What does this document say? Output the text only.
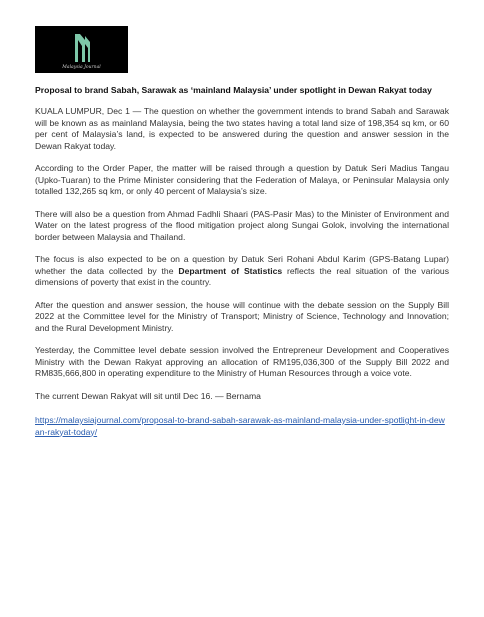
Malaysia Journal
Proposal to brand Sabah, Sarawak as ‘mainland Malaysia’ under spotlight in Dewan Rakyat today

KUALA LUMPUR, Dec 1 — The question on whether the government intends to brand Sabah and Sarawak will be known as as mainland Malaysia, being the two states having a total land size of 198,354 sq km, or 60 per cent of Malaysia’s land, is expected to be answered during the question and answer session in the Dewan Rakyat today.

According to the Order Paper, the matter will be raised through a question by Datuk Seri Madius Tangau (Upko-Tuaran) to the Prime Minister considering that the Federation of Malaya, or Peninsular Malaysia only totalled 132,265 sq km, or only 40 percent of Malaysia’s size.

There will also be a question from Ahmad Fadhli Shaari (PAS-Pasir Mas) to the Minister of Environment and Water on the latest progress of the flood mitigation project along Sungai Golok, involving the international border between Malaysia and Thailand.

The focus is also expected to be on a question by Datuk Seri Rohani Abdul Karim (GPS-Batang Lupar) whether the data collected by the Department of Statistics reflects the real situation of the various dimensions of poverty that exist in the country.

After the question and answer session, the house will continue with the debate session on the Supply Bill 2022 at the Committee level for the Ministry of Transport; Ministry of Science, Technology and Innovation; and the Rural Development Ministry.

Yesterday, the Committee level debate session involved the Entrepreneur Development and Cooperatives Ministry with the Dewan Rakyat approving an allocation of RM195,036,300 of the Supply Bill 2022 and RM835,666,800 in operating expenditure to the Ministry of Human Resources through a voice vote.

The current Dewan Rakyat will sit until Dec 16. — Bernama

https://malaysiajournal.com/proposal-to-brand-sabah-sarawak-as-mainland-malaysia-under-spotlight-in-dewan-rakyat-today/
